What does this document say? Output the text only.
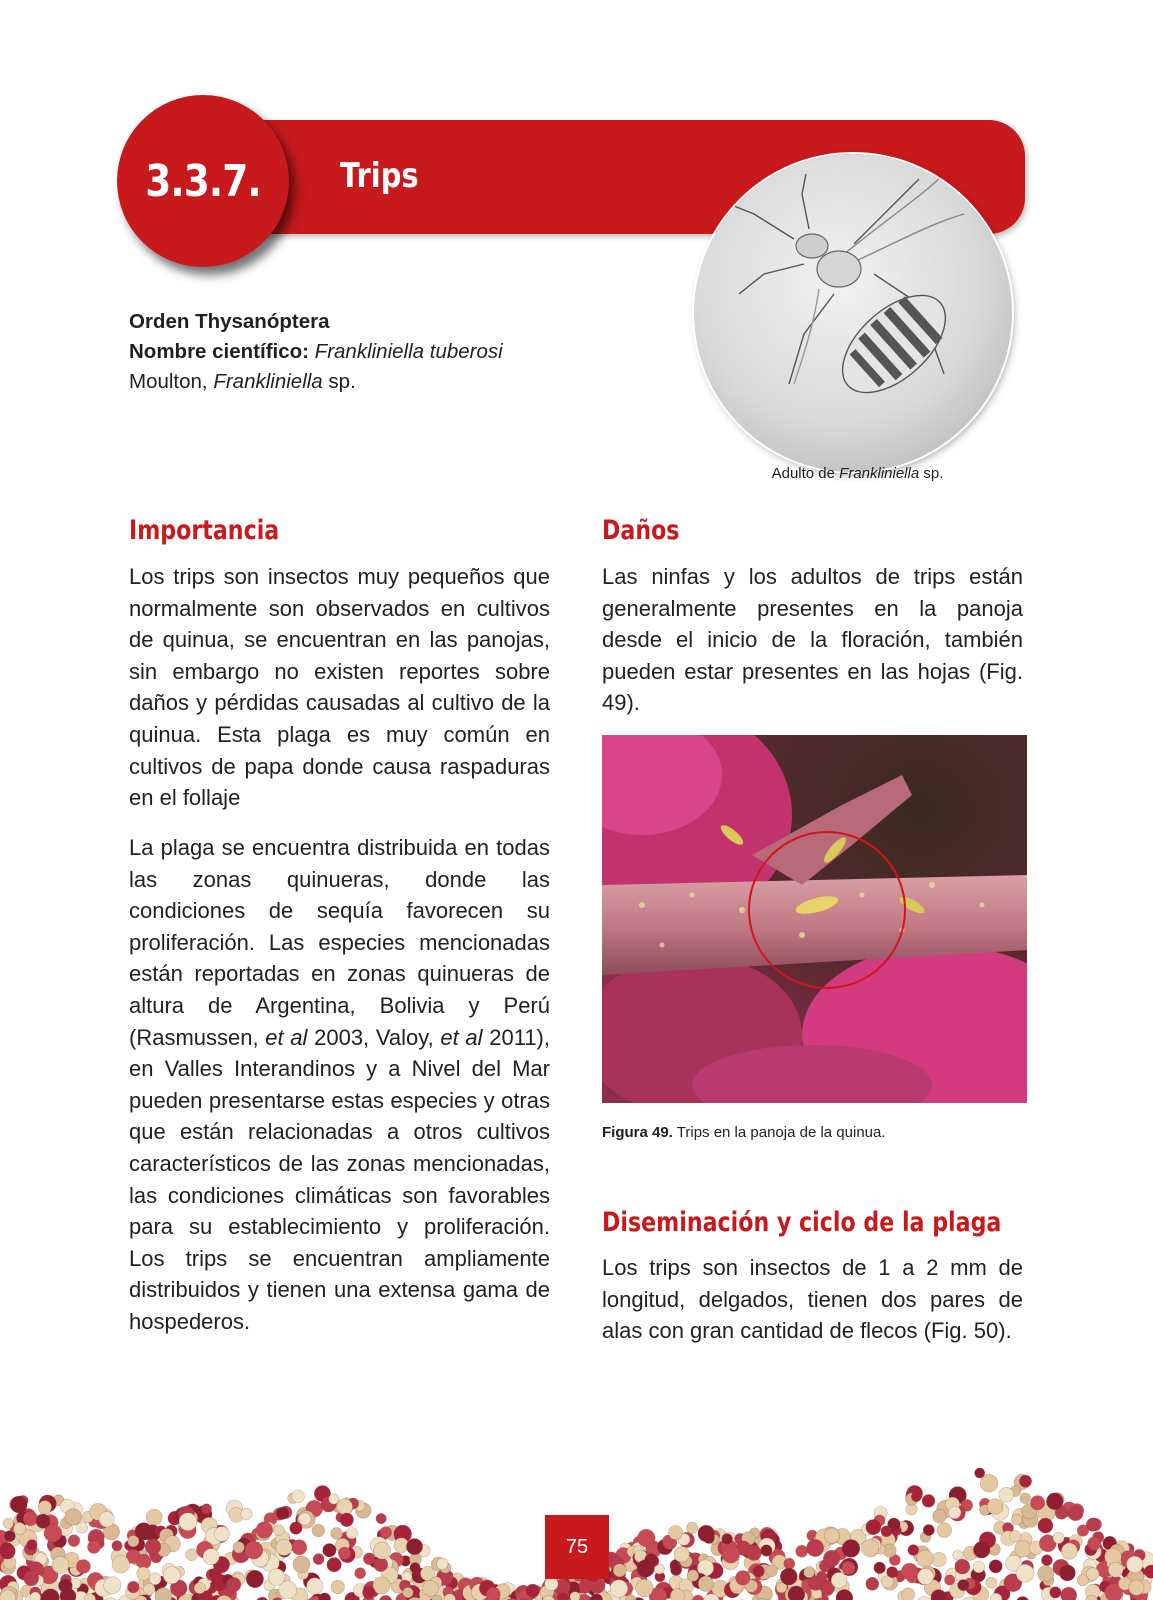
3.3.7. Trips
Adulto de Frankliniella sp.
Orden Thysanóptera
Nombre científico: Frankliniella tuberosi Moulton, Frankliniella sp.
Importancia

Los trips son insectos muy pequeños que normalmente son observados en cultivos de quinua, se encuentran en las panojas, sin embargo no existen reportes sobre daños y pérdidas causadas al cultivo de la quinua. Esta plaga es muy común en cultivos de papa donde causa raspaduras en el follaje

La plaga se encuentra distribuida en todas las zonas quinueras, donde las condiciones de sequía favorecen su proliferación. Las especies mencionadas están reportadas en zonas quinueras de altura de Argentina, Bolivia y Perú (Rasmussen, et al 2003, Valoy, et al 2011), en Valles Interandinos y a Nivel del Mar pueden presentarse estas especies y otras que están relacionadas a otros cultivos característicos de las zonas mencionadas, las condiciones climáticas son favorables para su establecimiento y proliferación. Los trips se encuentran ampliamente distribuidos y tienen una extensa gama de hospederos.

Daños

Las ninfas y los adultos de trips están generalmente presentes en la panoja desde el inicio de la floración, también pueden estar presentes en las hojas (Fig. 49).

Figura 49. Trips en la panoja de la quinua.
Diseminación y ciclo de la plaga

Los trips son insectos de 1 a 2 mm de longitud, delgados, tienen dos pares de alas con gran cantidad de flecos (Fig. 50).

75
